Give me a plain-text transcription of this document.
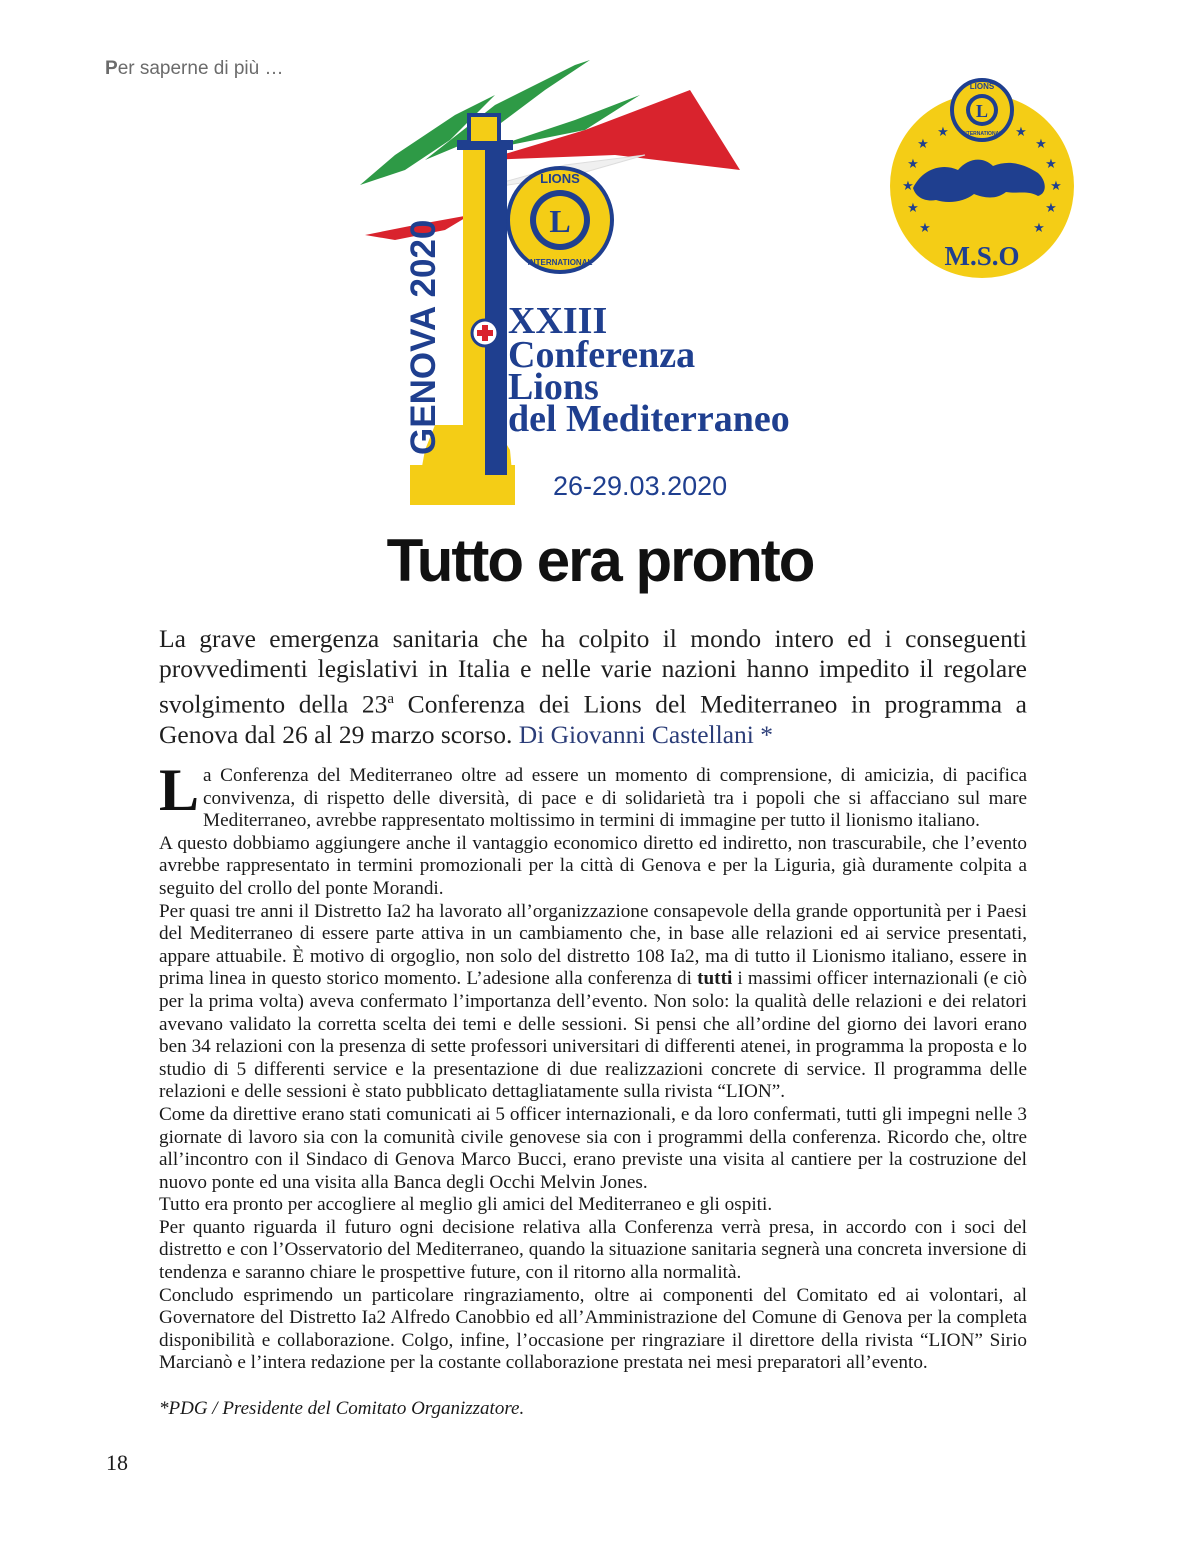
Per saperne di più …
GENOVA 2020	L
LIONS
INTERNATIONAL
XXIII
Conferenza
Lions
del Mediterraneo
26-29.03.2020
L
LIONS
INTERNATIONAL
★
★
★
★
★
★
★
★
★
★
★	★
M.S.O
Tutto era pronto
La grave emergenza sanitaria che ha colpito il mondo intero ed i conseguenti provvedimenti legislativi in Italia e nelle varie nazioni hanno impedito il regolare svolgimento della 23$^a$ Conferenza dei Lions del Mediterraneo in programma a Genova dal 26 al 29 marzo scorso. Di Giovanni Castellani *

La Conferenza del Mediterraneo oltre ad essere un momento di comprensione, di amicizia, di pacifica convivenza, di rispetto delle diversità, di pace e di solidarietà tra i popoli che si affacciano sul mare Mediterraneo, avrebbe rappresentato moltissimo in termini di immagine per tutto il lionismo italiano.

A questo dobbiamo aggiungere anche il vantaggio economico diretto ed indiretto, non trascurabile, che l’evento avrebbe rappresentato in termini promozionali per la città di Genova e per la Liguria, già duramente colpita a seguito del crollo del ponte Morandi.

Per quasi tre anni il Distretto Ia2 ha lavorato all’organizzazione consapevole della grande opportunità per i Paesi del Mediterraneo di essere parte attiva in un cambiamento che, in base alle relazioni ed ai service presentati, appare attuabile. È motivo di orgoglio, non solo del distretto 108 Ia2, ma di tutto il Lionismo italiano, essere in prima linea in questo storico momento. L’adesione alla conferenza di tutti i massimi officer internazionali (e ciò per la prima volta) aveva confermato l’importanza dell’evento. Non solo: la qualità delle relazioni e dei relatori avevano validato la corretta scelta dei temi e delle sessioni. Si pensi che all’ordine del giorno dei lavori erano ben 34 relazioni con la presenza di sette professori universitari di differenti atenei, in programma la proposta e lo studio di 5 differenti service e la presentazione di due realizzazioni concrete di service. Il programma delle relazioni e delle sessioni è stato pubblicato dettagliatamente sulla rivista “LION”.

Come da direttive erano stati comunicati ai 5 officer internazionali, e da loro confermati, tutti gli impegni nelle 3 giornate di lavoro sia con la comunità civile genovese sia con i programmi della conferenza. Ricordo che, oltre all’incontro con il Sindaco di Genova Marco Bucci, erano previste una visita al cantiere per la costruzione del nuovo ponte ed una visita alla Banca degli Occhi Melvin Jones.

Tutto era pronto per accogliere al meglio gli amici del Mediterraneo e gli ospiti.

Per quanto riguarda il futuro ogni decisione relativa alla Conferenza verrà presa, in accordo con i soci del distretto e con l’Osservatorio del Mediterraneo, quando la situazione sanitaria segnerà una concreta inversione di tendenza e saranno chiare le prospettive future, con il ritorno alla normalità.

Concludo esprimendo un particolare ringraziamento, oltre ai componenti del Comitato ed ai volontari, al Governatore del Distretto Ia2 Alfredo Canobbio ed all’Amministrazione del Comune di Genova per la completa disponibilità e collaborazione. Colgo, infine, l’occasione per ringraziare il direttore della rivista “LION” Sirio Marcianò e l’intera redazione per la costante collaborazione prestata nei mesi preparatori all’evento.

*PDG / Presidente del Comitato Organizzatore.
18
